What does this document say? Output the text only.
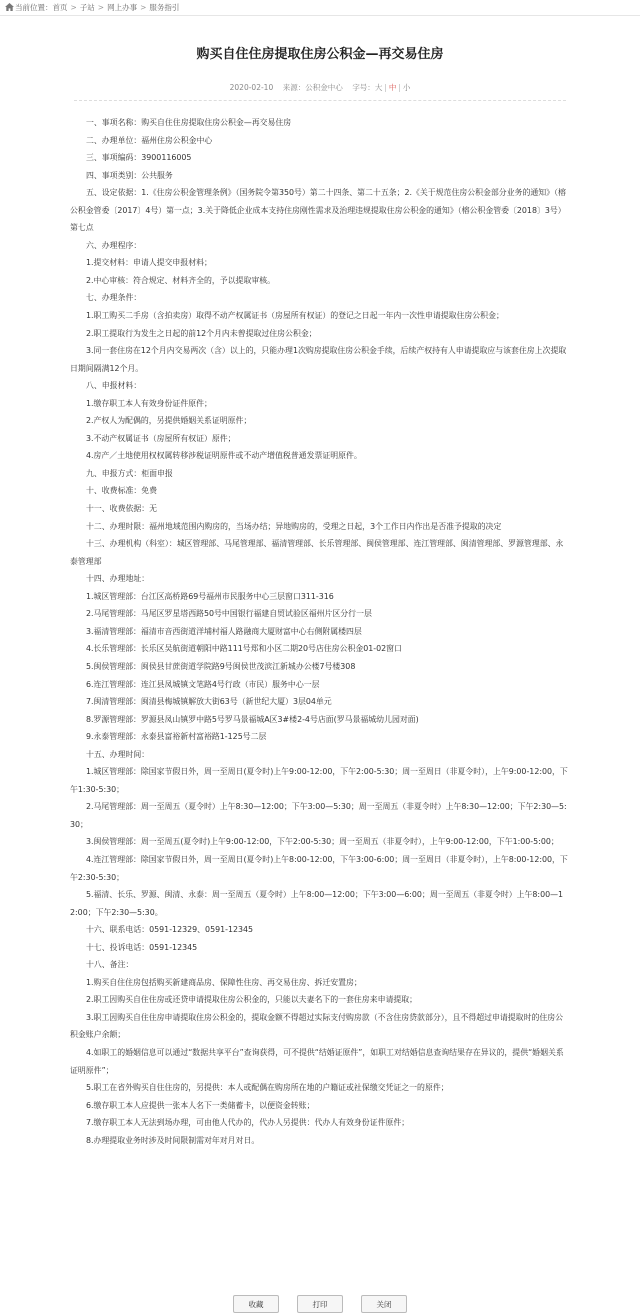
当前位置：首页 > 子站 > 网上办事 > 服务指引
购买自住住房提取住房公积金—再交易住房
2020-02-10 来源：公积金中心 字号：大 | 中 | 小

一、事项名称：购买自住住房提取住房公积金—再交易住房

二、办理单位：福州住房公积金中心

三、事项编码：3900116005

四、事项类别：公共服务

五、设定依据：1.《住房公积金管理条例》（国务院令第350号）第二十四条、第二十五条；2.《关于规范住房公积金部分业务的通知》（榕公积金管委〔2017〕4号）第一点；3.关于降低企业成本支持住房刚性需求及治理违规提取住房公积金的通知》（榕公积金管委〔2018〕3号）第七点

六、办理程序：

1.提交材料：申请人提交申报材料；

2.中心审核：符合规定、材料齐全的，予以提取审核。

七、办理条件：

1.职工购买二手房（含拍卖房）取得不动产权属证书（房屋所有权证）的登记之日起一年内一次性申请提取住房公积金；

2.职工提取行为发生之日起的前12个月内未曾提取过住房公积金；

3.同一套住房在12个月内交易两次（含）以上的，只能办理1次购房提取住房公积金手续，后续产权持有人申请提取应与该套住房上次提取日期间隔满12个月。

八、申报材料：

1.缴存职工本人有效身份证件原件；

2.产权人为配偶的，另提供婚姻关系证明原件；

3.不动产权属证书（房屋所有权证）原件；

4.房产／土地使用权权属转移涉税证明原件或不动产增值税普通发票证明原件。

九、申报方式：柜面申报

十、收费标准：免费

十一、收费依据：无

十二、办理时限：福州地域范围内购房的，当场办结；异地购房的，受理之日起，3个工作日内作出是否准予提取的决定

十三、办理机构（科室）：城区管理部、马尾管理部、福清管理部、长乐管理部、闽侯管理部、连江管理部、闽清管理部、罗源管理部、永泰管理部

十四、办理地址：

1.城区管理部：台江区高桥路69号福州市民服务中心三层窗口311-316

2.马尾管理部：马尾区罗星塔西路50号中国银行福建自贸试验区福州片区分行一层

3.福清管理部：福清市音西街道洋埔村福人路融商大厦财富中心右侧附属楼四层

4.长乐管理部：长乐区吴航街道朝阳中路111号郑和小区二期20号店住房公积金01-02窗口

5.闽侯管理部：闽侯县甘蔗街道学院路9号闽侯世茂滨江新城办公楼7号楼308

6.连江管理部：连江县凤城镇文笔路4号行政（市民）服务中心一层

7.闽清管理部：闽清县梅城镇解放大街63号（新世纪大厦）3层04单元

8.罗源管理部：罗源县凤山镇罗中路5号罗马景福城A区3#楼2-4号店面(罗马景福城幼儿园对面)

9.永泰管理部：永泰县富裕新村富裕路1-125号二层

十五、办理时间：

1.城区管理部：除国家节假日外，周一至周日(夏令时)上午9:00-12:00，下午2:00-5:30；周一至周日（非夏令时），上午9:00-12:00，下午1:30-5:30；

2.马尾管理部：周一至周五（夏令时）上午8:30—12:00；下午3:00—5:30；周一至周五（非夏令时）上午8:30—12:00；下午2:30—5:30；

3.闽侯管理部：周一至周五(夏令时)上午9:00-12:00，下午2:00-5:30；周一至周五（非夏令时），上午9:00-12:00，下午1:00-5:00；

4.连江管理部：除国家节假日外，周一至周日(夏令时)上午8:00-12:00，下午3:00-6:00；周一至周日（非夏令时），上午8:00-12:00，下午2:30-5:30；

5.福清、长乐、罗源、闽清、永泰：周一至周五（夏令时）上午8:00—12:00；下午3:00—6:00；周一至周五（非夏令时）上午8:00—12:00；下午2:30—5:30。

十六、联系电话：0591-12329、0591-12345

十七、投诉电话：0591-12345

十八、备注：

1.购买自住住房包括购买新建商品房、保障性住房、再交易住房、拆迁安置房；

2.职工因购买自住住房或还贷申请提取住房公积金的，只能以夫妻名下的一套住房来申请提取；

3.职工因购买自住住房申请提取住房公积金的，提取金额不得超过实际支付购房款（不含住房贷款部分），且不得超过申请提取时的住房公积金账户余额；

4.如职工的婚姻信息可以通过“数据共享平台”查询获得，可不提供“结婚证原件”，如职工对结婚信息查询结果存在异议的，提供“婚姻关系证明原件”；

5.职工在省外购买自住住房的，另提供：本人或配偶在购房所在地的户籍证或社保缴交凭证之一的原件；

6.缴存职工本人应提供一张本人名下一类储蓄卡，以便资金转账；

7.缴存职工本人无法到场办理，可由他人代办的，代办人另提供：代办人有效身份证件原件；

8.办理提取业务时涉及时间限制需对年对月对日。

收藏	打印	关闭
